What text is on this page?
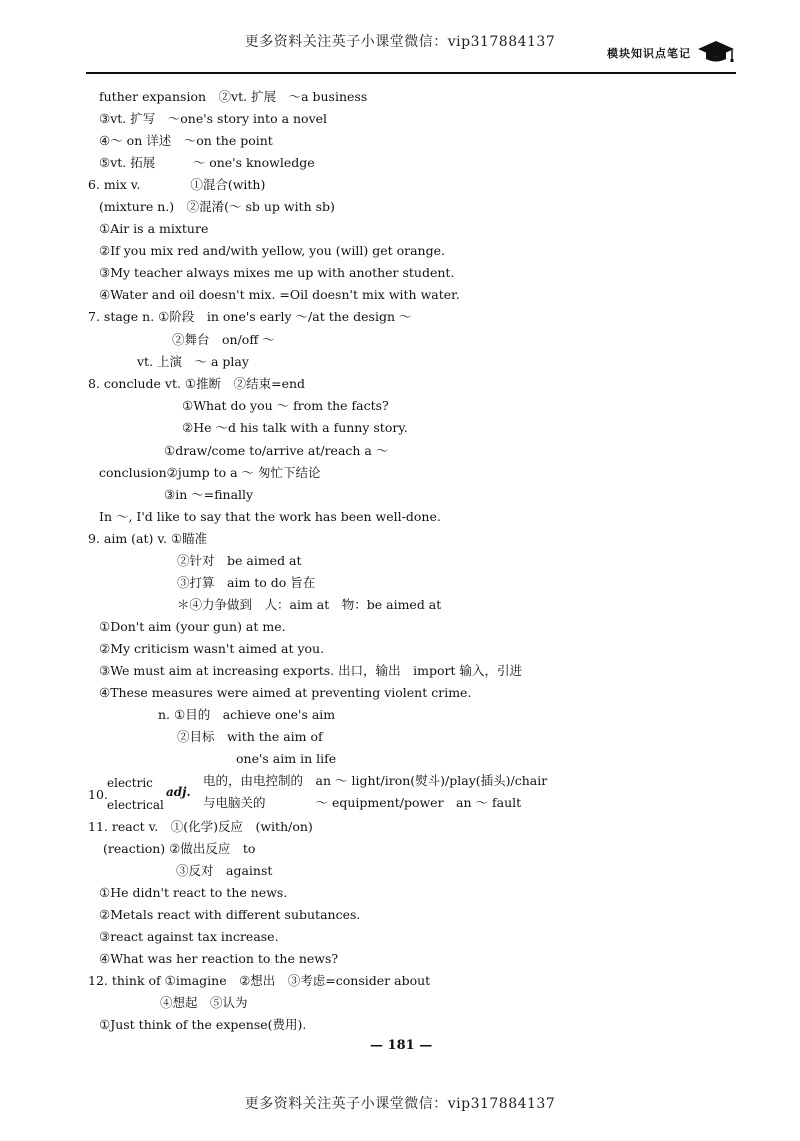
更多资料关注英子小课堂微信：vip317884137
模块知识点笔记
futher expansion　②vt. 扩展　～a business
③vt. 扩写　～one's story into a novel
④～ on 详述　～on the point
⑤vt. 拓展　　　～ one's knowledge
6. mix v.　　　　①混合(with)
(mixture n.)　②混淆(～ sb up with sb)
①Air is a mixture
②If you mix red and/with yellow, you (will) get orange.
③My teacher always mixes me up with another student.
④Water and oil doesn't mix. =Oil doesn't mix with water.
7. stage n. ①阶段　in one's early ～/at the design ～
②舞台　on/off ～
vt. 上演　～ a play
8. conclude vt. ①推断　②结束=end
①What do you ～ from the facts?
②He ～d his talk with a funny story.
①draw/come to/arrive at/reach a ～
conclusion②jump to a ～ 匆忙下结论
③in ～=finally
In ～, I'd like to say that the work has been well-done.
9. aim (at) v. ①瞄准
②针对　be aimed at
③打算　aim to do 旨在
＊④力争做到　人：aim at　物：be aimed at
①Don't aim (your gun) at me.
②My criticism wasn't aimed at you.
③We must aim at increasing exports. 出口，输出　import 输入，引进
④These measures were aimed at preventing violent crime.
n. ①目的　achieve one's aim
②目标　with the aim of
one's aim in life
electric	电的，由电控制的　an ～ light/iron(熨斗)/play(插头)/chair
10.
electrical	与电脑关的　　　　～ equipment/power　an ～ fault
adj.
11. react v.　①(化学)反应　(with/on)
(reaction) ②做出反应　to
③反对　against
①He didn't react to the news.
②Metals react with different subutances.
③react against tax increase.
④What was her reaction to the news?
12. think of ①imagine　②想出　③考虑=consider about
④想起　⑤认为
①Just think of the expense(费用).
— 181 —
更多资料关注英子小课堂微信：vip317884137
